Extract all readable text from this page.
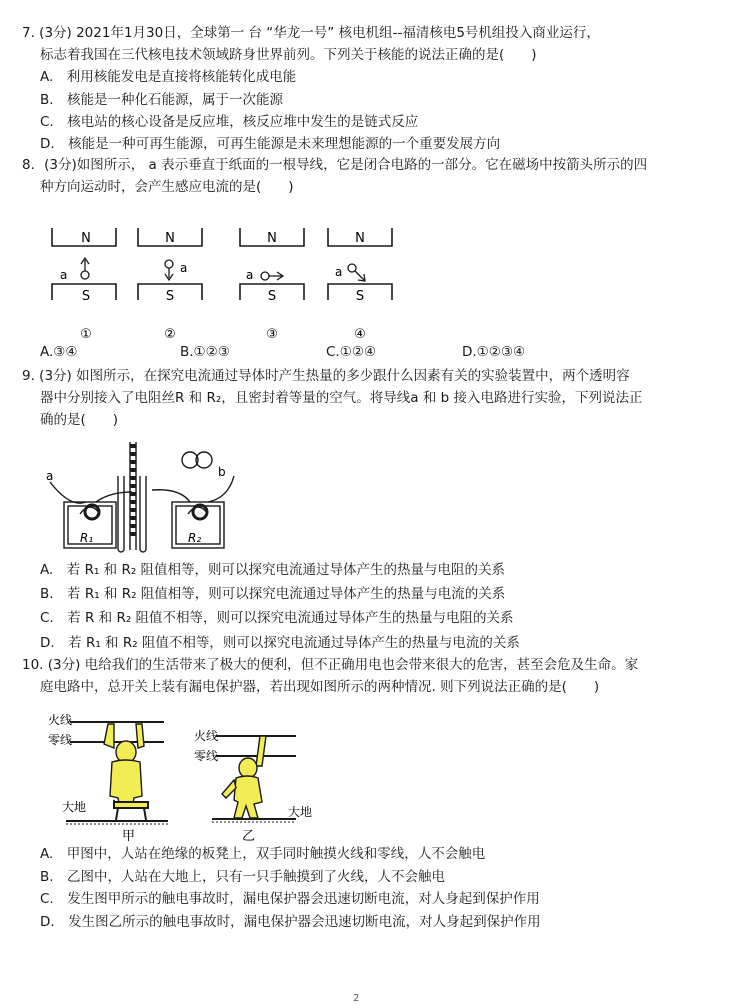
7. (3分) 2021年1月30日，全球第一 台 “华龙一号” 核电机组--福清核电5号机组投入商业运行，
标志着我国在三代核电技术领域跻身世界前列。下列关于核能的说法正确的是(　　)
A.　利用核能发电是直接将核能转化成电能
B.　核能是一种化石能源，属于一次能源
C.　核电站的核心设备是反应堆，核反应堆中发生的是链式反应
D.　核能是一种可再生能源，可再生能源是未来理想能源的一个重要发展方向
8．(3分)如图所示， a 表示垂直于纸面的一根导线，它是闭合电路的一部分。它在磁场中按箭头所示的四
种方向运动时，会产生感应电流的是(　　)
N
S
N
S
N
S
N
S
a	a	a	a
①	②	③	④
A.③④	B.①②③	C.①②④	D.①②③④
9. (3分) 如图所示，在探究电流通过导体时产生热量的多少跟什么因素有关的实验装置中，两个透明容
器中分别接入了电阻丝R 和 R₂，且密封着等量的空气。将导线a 和 b 接入电路进行实验，下列说法正
确的是(　　)
a	b
R₁	R₂
A.　若 R₁ 和 R₂ 阻值相等，则可以探究电流通过导体产生的热量与电阻的关系
B.　若 R₁ 和 R₂ 阻值相等，则可以探究电流通过导体产生的热量与电流的关系
C.　若 R 和 R₂ 阻值不相等，则可以探究电流通过导体产生的热量与电阻的关系
D.　若 R₁ 和 R₂ 阻值不相等，则可以探究电流通过导体产生的热量与电流的关系
10. (3分) 电给我们的生活带来了极大的便利，但不正确用电也会带来很大的危害，甚至会危及生命。家
庭电路中，总开关上装有漏电保护器，若出现如图所示的两种情况. 则下列说法正确的是(　　)
火线
零线
大地
甲
火线
零线
大地
乙
A.　甲图中，人站在绝缘的板凳上，双手同时触摸火线和零线，人不会触电
B.　乙图中，人站在大地上，只有一只手触摸到了火线，人不会触电
C.　发生图甲所示的触电事故时，漏电保护器会迅速切断电流，对人身起到保护作用
D.　发生图乙所示的触电事故时，漏电保护器会迅速切断电流，对人身起到保护作用
2
